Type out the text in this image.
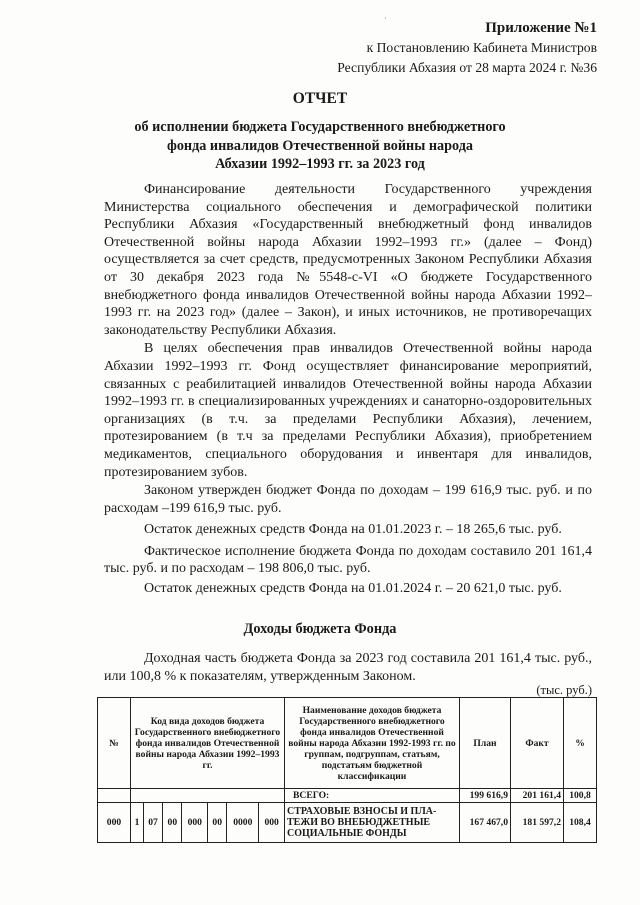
˙	Приложение №1
к Постановлению Кабинета Министров
Республики Абхазия от 28 марта 2024 г. №36
ОТЧЕТ
об исполнении бюджета Государственного внебюджетного
фонда инвалидов Отечественной войны народа
Абхазии 1992–1993 гг. за 2023 год

Финансирование деятельности Государственного учреждения Министерства социального обеспечения и демографической политики Республики Абхазия «Государственный внебюджетный фонд инвалидов Отечественной войны народа Абхазии 1992–1993 гг.» (далее – Фонд) осуществляется за счет средств, предусмотренных Законом Республики Абхазия от 30 декабря 2023 года №5548-с-VI «О бюджете Государственного внебюджетного фонда инвалидов Отечественной войны народа Абхазии 1992–1993 гг. на 2023 год» (далее – Закон), и иных источников, не противоречащих законодательству Республики Абхазия.

В целях обеспечения прав инвалидов Отечественной войны народа Абхазии 1992–1993 гг. Фонд осуществляет финансирование мероприятий, связанных с реабилитацией инвалидов Отечественной войны народа Абхазии 1992–1993 гг. в специализированных учреждениях и санаторно-оздоровительных организациях (в т.ч. за пределами Республики Абхазия), лечением, протезированием (в т.ч за пределами Республики Абхазия), приобретением медикаментов, специального оборудования и инвентаря для инвалидов, протезированием зубов.

Законом утвержден бюджет Фонда по доходам – 199 616,9 тыс. руб. и по расходам –199 616,9 тыс. руб.

Остаток денежных средств Фонда на 01.01.2023 г. – 18 265,6 тыс. руб.

Фактическое исполнение бюджета Фонда по доходам составило 201 161,4 тыс. руб. и по расходам – 198 806,0 тыс. руб.

Остаток денежных средств Фонда на 01.01.2024 г. – 20 621,0 тыс. руб.

Доходы бюджета Фонда

Доходная часть бюджета Фонда за 2023 год составила 201 161,4 тыс. руб., или 100,8 % к показателям, утвержденным Законом.

(тыс. руб.)
№	Код вида доходов бюджета Государственного внебюджетного фонда инвалидов Отечественной войны народа Абхазии 1992–1993 гг.							Наименование доходов бюджета Государственного внебюджетного фонда инвалидов Отечественной войны народа Абхазии 1992-1993 гг. по группам, подгруппам, статьям, подстатьям бюджетной классификации	План	Факт	%
								ВСЕГО:	199 616,9	201 161,4	100,8
000	1	07	00	000	00	0000	000	СТРАХОВЫЕ ВЗНОСЫ И ПЛА-ТЕЖИ ВО ВНЕБЮДЖЕТНЫЕ СОЦИАЛЬНЫЕ ФОНДЫ	167 467,0	181 597,2	108,4
